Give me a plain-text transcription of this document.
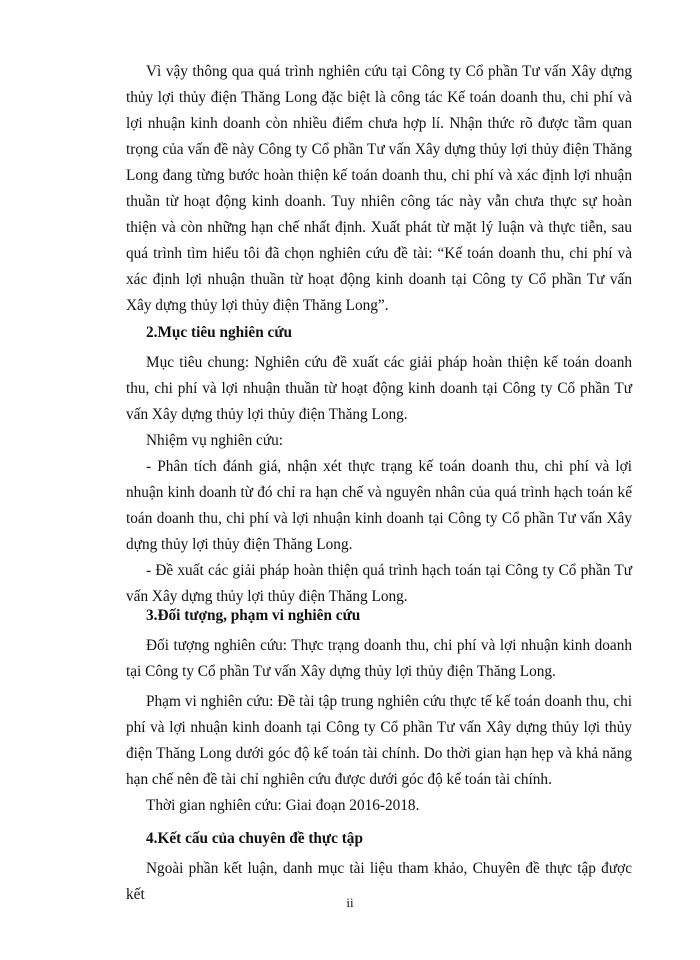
Vì vậy thông qua quá trình nghiên cứu tại Công ty Cổ phần Tư vấn Xây dựng thủy lợi thủy điện Thăng Long đặc biệt là công tác Kế toán doanh thu, chi phí và lợi nhuận kinh doanh còn nhiều điểm chưa hợp lí. Nhận thức rõ được tầm quan trọng của vấn đề này Công ty Cổ phần Tư vấn Xây dựng thủy lợi thủy điện Thăng Long đang từng bước hoàn thiện kế toán doanh thu, chi phí và xác định lợi nhuận thuần từ hoạt động kinh doanh. Tuy nhiên công tác này vẫn chưa thực sự hoàn thiện và còn những hạn chế nhất định. Xuất phát từ mặt lý luận và thực tiễn, sau quá trình tìm hiểu tôi đã chọn nghiên cứu đề tài: “Kế toán doanh thu, chi phí và xác định lợi nhuận thuần từ hoạt động kinh doanh tại Công ty Cổ phần Tư vấn Xây dựng thủy lợi thủy điện Thăng Long”.

2.Mục tiêu nghiên cứu

Mục tiêu chung: Nghiên cứu đề xuất các giải pháp hoàn thiện kế toán doanh thu, chi phí và lợi nhuận thuần từ hoạt động kinh doanh tại Công ty Cổ phần Tư vấn Xây dựng thủy lợi thủy điện Thăng Long.

Nhiệm vụ nghiên cứu:

- Phân tích đánh giá, nhận xét thực trạng kế toán doanh thu, chi phí và lợi nhuận kinh doanh từ đó chỉ ra hạn chế và nguyên nhân của quá trình hạch toán kế toán doanh thu, chi phí và lợi nhuận kinh doanh tại Công ty Cổ phần Tư vấn Xây dựng thủy lợi thủy điện Thăng Long.

- Đề xuất các giải pháp hoàn thiện quá trình hạch toán tại Công ty Cổ phần Tư vấn Xây dựng thủy lợi thủy điện Thăng Long.

3.Đối tượng, phạm vi nghiên cứu

Đối tượng nghiên cứu: Thực trạng doanh thu, chi phí và lợi nhuận kinh doanh tại Công ty Cổ phần Tư vấn Xây dựng thủy lợi thủy điện Thăng Long.

Phạm vi nghiên cứu: Đề tài tập trung nghiên cứu thực tế kế toán doanh thu, chi phí và lợi nhuận kinh doanh tại Công ty Cổ phần Tư vấn Xây dựng thủy lợi thủy điện Thăng Long dưới góc độ kế toán tài chính. Do thời gian hạn hẹp và khả năng hạn chế nên đề tài chỉ nghiên cứu được dưới góc độ kế toán tài chính.

Thời gian nghiên cứu: Giai đoạn 2016-2018.

4.Kết cấu của chuyên đề thực tập

Ngoài phần kết luận, danh mục tài liệu tham khảo, Chuyên đề thực tập được kết	ii
